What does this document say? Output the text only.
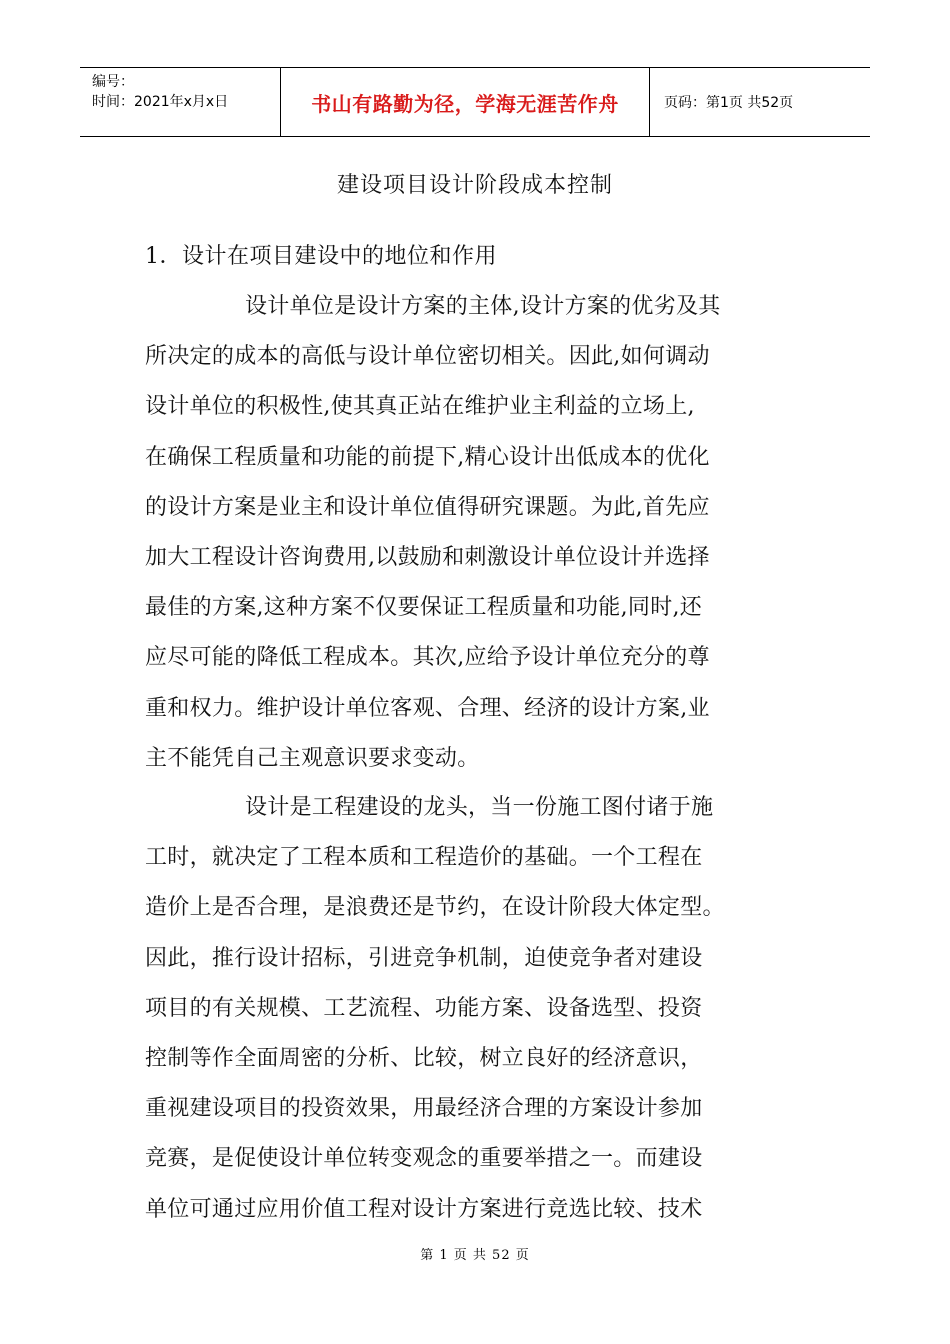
编号：
时间：2021年x月x日	书山有路勤为径，学海无涯苦作舟	页码：第1页 共52页
建设项目设计阶段成本控制
1．设计在项目建设中的地位和作用
设计单位是设计方案的主体,设计方案的优劣及其
所决定的成本的高低与设计单位密切相关。因此,如何调动
设计单位的积极性,使其真正站在维护业主利益的立场上,
在确保工程质量和功能的前提下,精心设计出低成本的优化
的设计方案是业主和设计单位值得研究课题。为此,首先应
加大工程设计咨询费用,以鼓励和刺激设计单位设计并选择
最佳的方案,这种方案不仅要保证工程质量和功能,同时,还
应尽可能的降低工程成本。其次,应给予设计单位充分的尊
重和权力。维护设计单位客观、合理、经济的设计方案,业
主不能凭自己主观意识要求变动。
设计是工程建设的龙头，当一份施工图付诸于施
工时，就决定了工程本质和工程造价的基础。一个工程在
造价上是否合理，是浪费还是节约，在设计阶段大体定型。
因此，推行设计招标，引进竞争机制，迫使竞争者对建设
项目的有关规模、工艺流程、功能方案、设备选型、投资
控制等作全面周密的分析、比较，树立良好的经济意识，
重视建设项目的投资效果，用最经济合理的方案设计参加
竞赛，是促使设计单位转变观念的重要举措之一。而建设
单位可通过应用价值工程对设计方案进行竞选比较、技术
第 1 页 共 52 页
